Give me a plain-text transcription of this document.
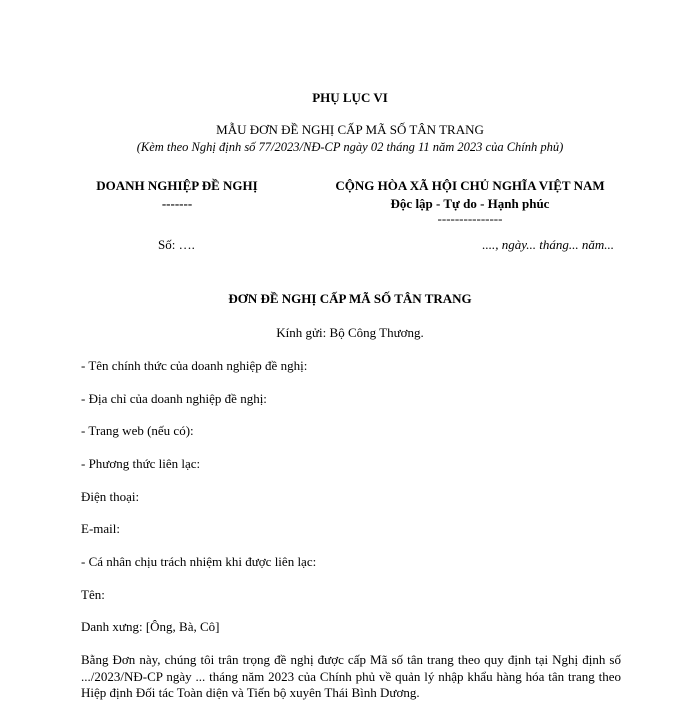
PHỤ LỤC VI
MẪU ĐƠN ĐỀ NGHỊ CẤP MÃ SỐ TÂN TRANG
(Kèm theo Nghị định số 77/2023/NĐ-CP ngày 02 tháng 11 năm 2023 của Chính phủ)
DOANH NGHIỆP ĐỀ NGHỊ
-------
CỘNG HÒA XÃ HỘI CHỦ NGHĨA VIỆT NAM
Độc lập - Tự do - Hạnh phúc
---------------
Số: ….	...., ngày... tháng... năm...
ĐƠN ĐỀ NGHỊ CẤP MÃ SỐ TÂN TRANG
Kính gửi: Bộ Công Thương.
- Tên chính thức của doanh nghiệp đề nghị:
- Địa chỉ của doanh nghiệp đề nghị:
- Trang web (nếu có):
- Phương thức liên lạc:
Điện thoại:
E-mail:
- Cá nhân chịu trách nhiệm khi được liên lạc:
Tên:
Danh xưng: [Ông, Bà, Cô]
Bằng Đơn này, chúng tôi trân trọng đề nghị được cấp Mã số tân trang theo quy định tại Nghị định số .../2023/NĐ-CP ngày ... tháng năm 2023 của Chính phủ về quản lý nhập khẩu hàng hóa tân trang theo Hiệp định Đối tác Toàn diện và Tiến bộ xuyên Thái Bình Dương.
